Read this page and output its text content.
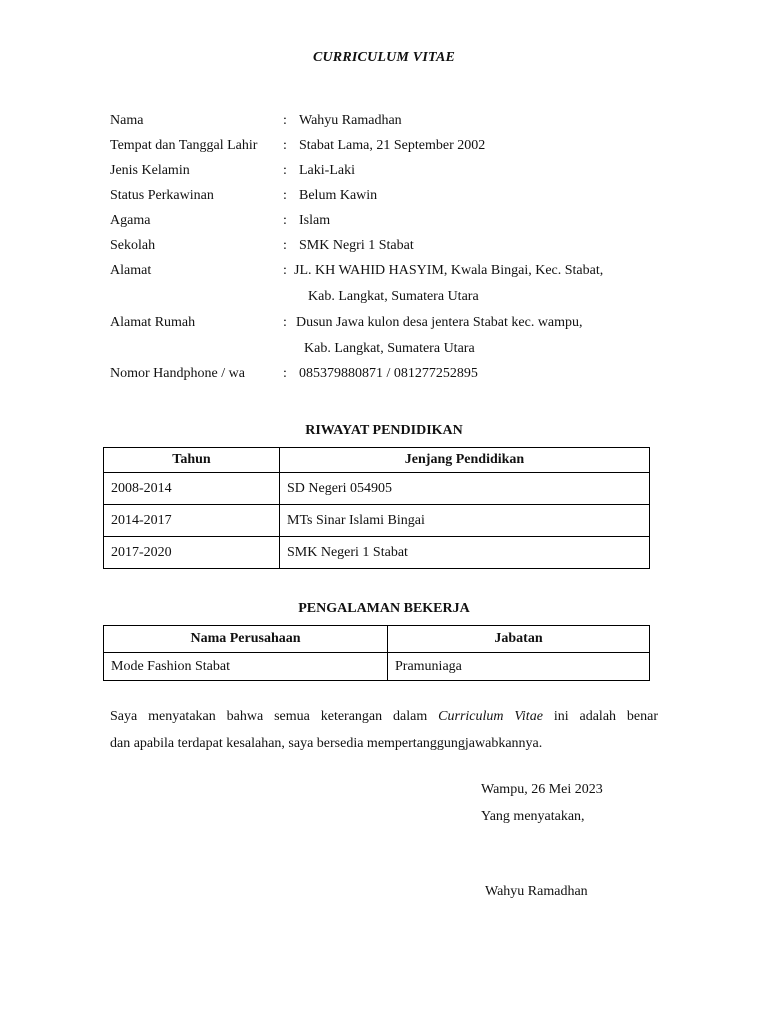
CURRICULUM VITAE
Nama	: Wahyu Ramadhan
Tempat dan Tanggal Lahir : Stabat Lama, 21 September 2002
Jenis Kelamin	: Laki-Laki
Status Perkawinan	: Belum Kawin
Agama	: Islam
Sekolah	: SMK Negri 1 Stabat
Alamat	: JL. KH WAHID HASYIM, Kwala Bingai, Kec. Stabat,
Kab. Langkat, Sumatera Utara
Alamat Rumah	: Dusun Jawa kulon desa jentera Stabat kec. wampu,
Kab. Langkat, Sumatera Utara
Nomor Handphone / wa	: 085379880871 / 081277252895
RIWAYAT PENDIDIKAN
Tahun	Jenjang Pendidikan
2008-2014	SD Negeri 054905
2014-2017	MTs Sinar Islami Bingai
2017-2020	SMK Negeri 1 Stabat
PENGALAMAN BEKERJA
Nama Perusahaan	Jabatan
Mode Fashion Stabat	Pramuniaga
Saya menyatakan bahwa semua keterangan dalam Curriculum Vitae ini adalah benar
dan apabila terdapat kesalahan, saya bersedia mempertanggungjawabkannya.
Wampu, 26 Mei 2023
Yang menyatakan,
Wahyu Ramadhan
